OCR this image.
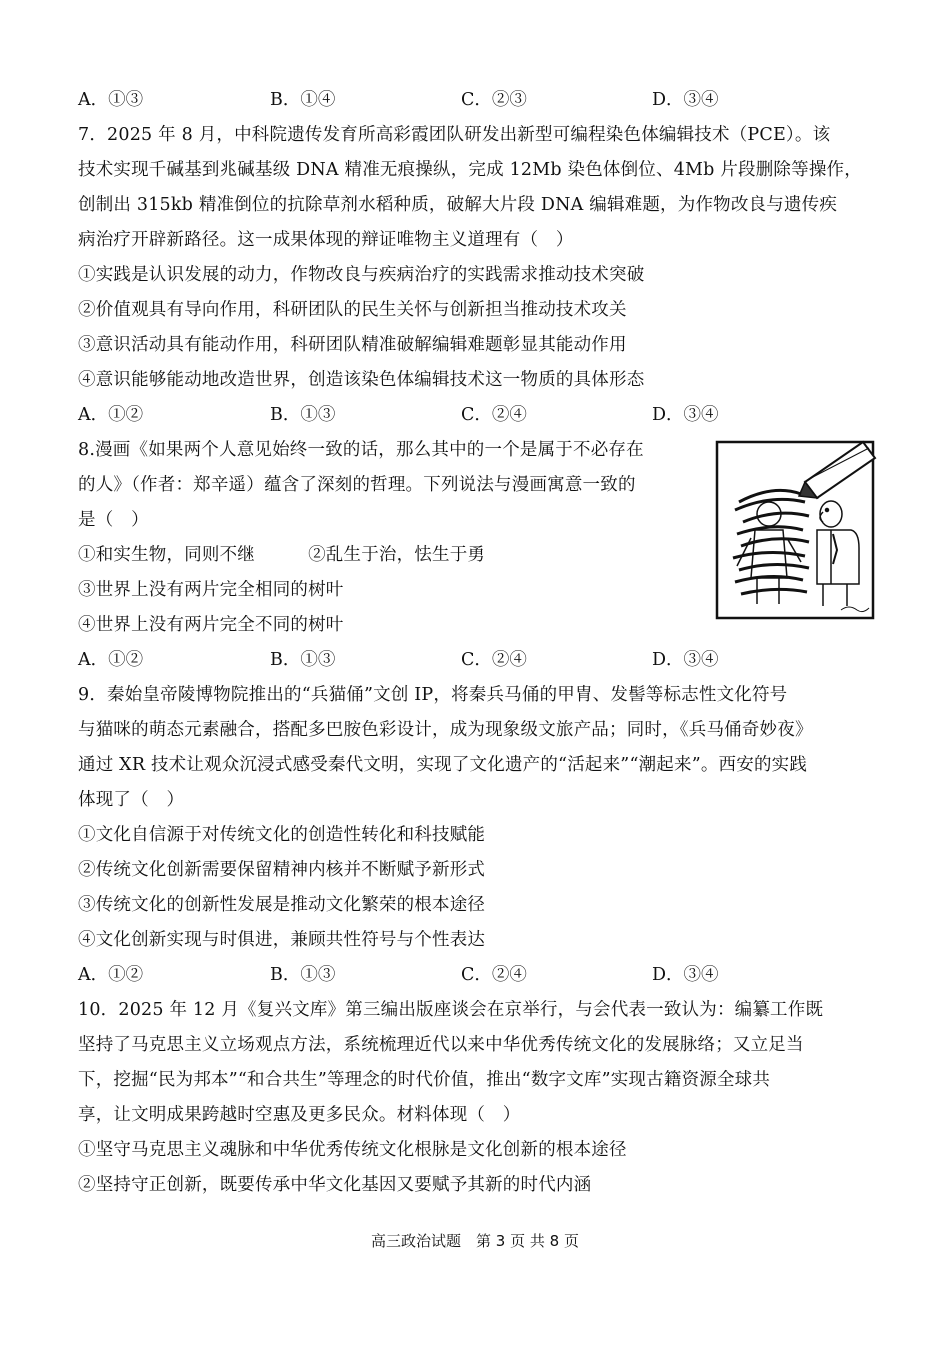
A．①③	B．①④	C．②③	D．③④
7．2025 年 8 月，中科院遗传发育所高彩霞团队研发出新型可编程染色体编辑技术（PCE）。该
技术实现千碱基到兆碱基级 DNA 精准无痕操纵，完成 12Mb 染色体倒位、4Mb 片段删除等操作，
创制出 315kb 精准倒位的抗除草剂水稻种质，破解大片段 DNA 编辑难题，为作物改良与遗传疾
病治疗开辟新路径。这一成果体现的辩证唯物主义道理有（　）
①实践是认识发展的动力，作物改良与疾病治疗的实践需求推动技术突破
②价值观具有导向作用，科研团队的民生关怀与创新担当推动技术攻关
③意识活动具有能动作用，科研团队精准破解编辑难题彰显其能动作用
④意识能够能动地改造世界，创造该染色体编辑技术这一物质的具体形态
A．①②	B．①③	C．②④	D．③④
8.漫画《如果两个人意见始终一致的话，那么其中的一个是属于不必存在
的人》（作者：郑辛遥）蕴含了深刻的哲理。下列说法与漫画寓意一致的
是（　）
①和实生物，同则不继　　　②乱生于治，怯生于勇
③世界上没有两片完全相同的树叶
④世界上没有两片完全不同的树叶
A．①②	B．①③	C．②④	D．③④
9．秦始皇帝陵博物院推出的“兵猫俑”文创 IP，将秦兵马俑的甲胄、发髻等标志性文化符号
与猫咪的萌态元素融合，搭配多巴胺色彩设计，成为现象级文旅产品；同时，《兵马俑奇妙夜》
通过 XR 技术让观众沉浸式感受秦代文明，实现了文化遗产的“活起来”“潮起来”。西安的实践
体现了（　）
①文化自信源于对传统文化的创造性转化和科技赋能
②传统文化创新需要保留精神内核并不断赋予新形式
③传统文化的创新性发展是推动文化繁荣的根本途径
④文化创新实现与时俱进，兼顾共性符号与个性表达
A．①②	B．①③	C．②④	D．③④
10．2025 年 12 月《复兴文库》第三编出版座谈会在京举行，与会代表一致认为：编纂工作既
坚持了马克思主义立场观点方法，系统梳理近代以来中华优秀传统文化的发展脉络；又立足当
下，挖掘“民为邦本”“和合共生”等理念的时代价值，推出“数字文库”实现古籍资源全球共
享，让文明成果跨越时空惠及更多民众。材料体现（　）
①坚守马克思主义魂脉和中华优秀传统文化根脉是文化创新的根本途径
②坚持守正创新，既要传承中华文化基因又要赋予其新的时代内涵
高三政治试题　第 3 页 共 8 页
